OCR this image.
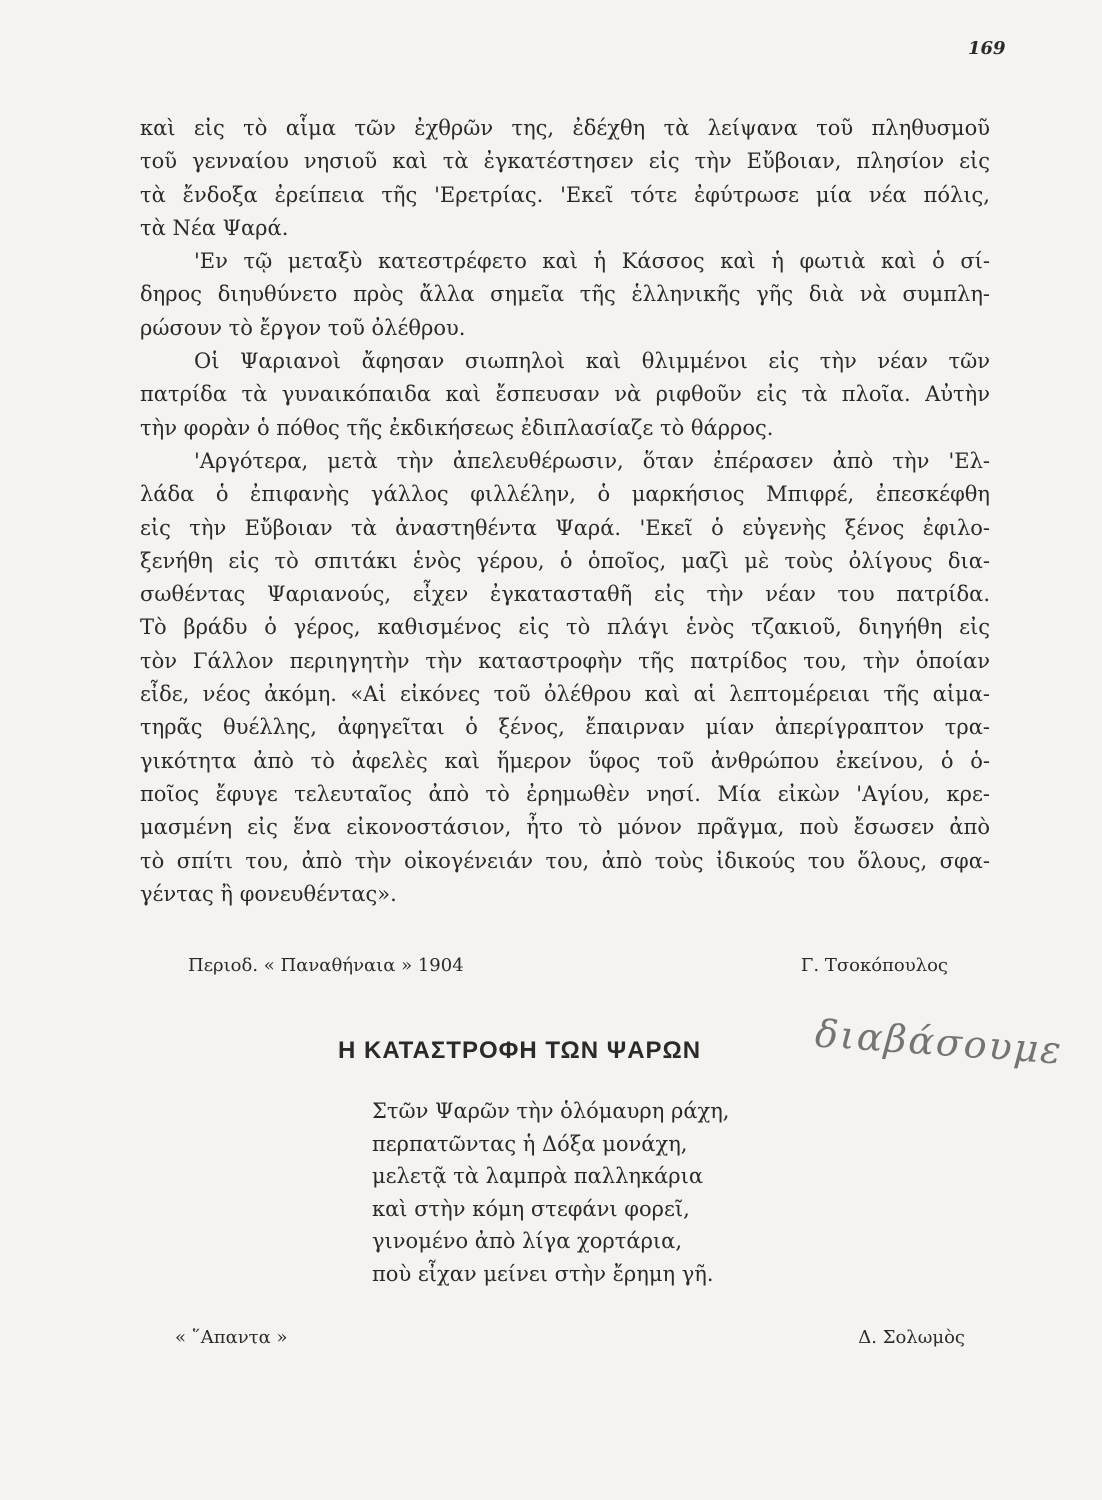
169
καὶ εἰς τὸ αἷμα τῶν ἐχθρῶν της, ἐδέχθη τὰ λείψανα τοῦ πληθυσμοῦ
τοῦ γενναίου νησιοῦ καὶ τὰ ἐγκατέστησεν εἰς τὴν Εὔβοιαν, πλησίον εἰς
τὰ ἔνδοξα ἐρείπεια τῆς 'Ερετρίας. 'Εκεῖ τότε ἐφύτρωσε μία νέα πόλις,
τὰ Νέα Ψαρά.
'Εν τῷ μεταξὺ κατεστρέφετο καὶ ἡ Κάσσος καὶ ἡ φωτιὰ καὶ ὁ σί-
δηρος διηυθύνετο πρὸς ἄλλα σημεῖα τῆς ἑλληνικῆς γῆς διὰ νὰ συμπλη-
ρώσουν τὸ ἔργον τοῦ ὀλέθρου.
Οἱ Ψαριανοὶ ἄφησαν σιωπηλοὶ καὶ θλιμμένοι εἰς τὴν νέαν τῶν
πατρίδα τὰ γυναικόπαιδα καὶ ἔσπευσαν νὰ ριφθοῦν εἰς τὰ πλοῖα. Αὐτὴν
τὴν φορὰν ὁ πόθος τῆς ἐκδικήσεως ἐδιπλασίαζε τὸ θάρρος.
'Αργότερα, μετὰ τὴν ἀπελευθέρωσιν, ὅταν ἐπέρασεν ἀπὸ τὴν 'Ελ-
λάδα ὁ ἐπιφανὴς γάλλος φιλλέλην, ὁ μαρκήσιος Μπιφρέ, ἐπεσκέφθη
εἰς τὴν Εὔβοιαν τὰ ἀναστηθέντα Ψαρά. 'Εκεῖ ὁ εὐγενὴς ξένος ἐφιλο-
ξενήθη εἰς τὸ σπιτάκι ἑνὸς γέρου, ὁ ὁποῖος, μαζὶ μὲ τοὺς ὀλίγους δια-
σωθέντας Ψαριανούς, εἶχεν ἐγκατασταθῆ εἰς τὴν νέαν του πατρίδα.
Τὸ βράδυ ὁ γέρος, καθισμένος εἰς τὸ πλάγι ἑνὸς τζακιοῦ, διηγήθη εἰς
τὸν Γάλλον περιηγητὴν τὴν καταστροφὴν τῆς πατρίδος του, τὴν ὁποίαν
εἶδε, νέος ἀκόμη. «Αἱ εἰκόνες τοῦ ὀλέθρου καὶ αἱ λεπτομέρειαι τῆς αἱμα-
τηρᾶς θυέλλης, ἀφηγεῖται ὁ ξένος, ἔπαιρναν μίαν ἀπερίγραπτον τρα-
γικότητα ἀπὸ τὸ ἀφελὲς καὶ ἥμερον ὕφος τοῦ ἀνθρώπου ἐκείνου, ὁ ὁ-
ποῖος ἔφυγε τελευταῖος ἀπὸ τὸ ἐρημωθὲν νησί. Μία εἰκὼν 'Αγίου, κρε-
μασμένη εἰς ἕνα εἰκονοστάσιον, ἦτο τὸ μόνον πρᾶγμα, ποὺ ἔσωσεν ἀπὸ
τὸ σπίτι του, ἀπὸ τὴν οἰκογένειάν του, ἀπὸ τοὺς ἰδικούς του ὅλους, σφα-
γέντας ἢ φονευθέντας».
Περιοδ. « Παναθήναια » 1904	Γ. Τσοκόπουλος
Η ΚΑΤΑΣΤΡΟΦΗ ΤΩΝ ΨΑΡΩΝ	διαβάσουμε
Στῶν Ψαρῶν τὴν ὁλόμαυρη ράχη,
περπατῶντας ἡ Δόξα μονάχη,
μελετᾷ τὰ λαμπρὰ παλληκάρια
καὶ στὴν κόμη στεφάνι φορεῖ,
γινομένο ἀπὸ λίγα χορτάρια,
ποὺ εἶχαν μείνει στὴν ἔρημη γῆ.
« ῞Απαντα »	Δ. Σολωμὸς
